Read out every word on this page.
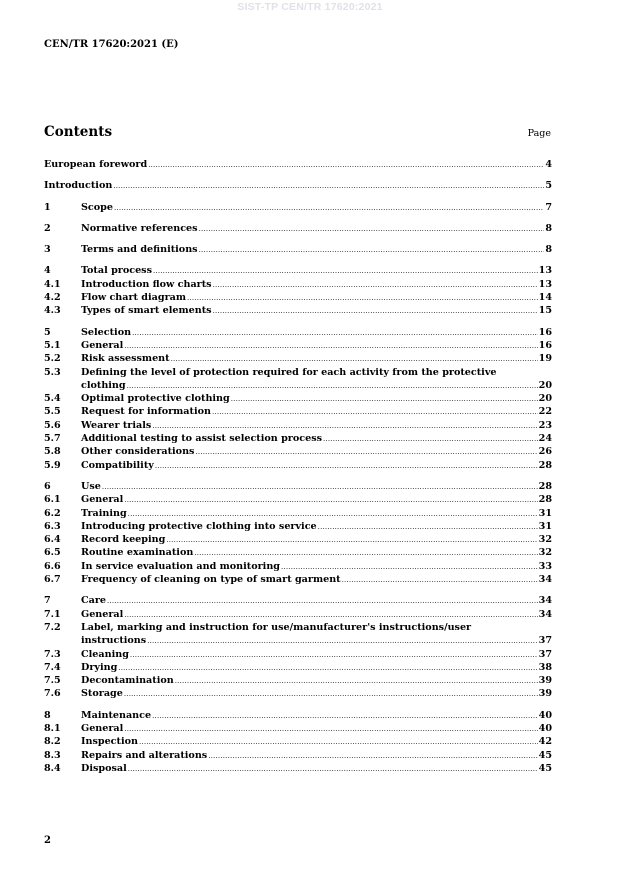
SIST-TP CEN/TR 17620:2021
CEN/TR 17620:2021 (E)
Contents	Page
European foreword .....	4
Introduction .....	5
1	Scope .....	7
2	Normative references .....	8
3	Terms and definitions .....	8
4	Total process .....	13
4.1	Introduction flow charts .....	13
4.2	Flow chart diagram .....	14
4.3	Types of smart elements .....	15
5	Selection .....	16
5.1	General .....	16
5.2	Risk assessment .....	19
5.3	Defining the level of protection required for each activity from the protective
clothing .....	20
5.4	Optimal protective clothing .....	20
5.5	Request for information .....	22
5.6	Wearer trials .....	23
5.7	Additional testing to assist selection process .....	24
5.8	Other considerations .....	26
5.9	Compatibility .....	28
6	Use .....	28
6.1	General .....	28
6.2	Training .....	31
6.3	Introducing protective clothing into service .....	31
6.4	Record keeping .....	32
6.5	Routine examination .....	32
6.6	In service evaluation and monitoring .....	33
6.7	Frequency of cleaning on type of smart garment .....	34
7	Care .....	34
7.1	General .....	34
7.2	Label, marking and instruction for use/manufacturer's instructions/user
instructions .....	37
7.3	Cleaning .....	37
7.4	Drying .....	38
7.5	Decontamination .....	39
7.6	Storage .....	39
8	Maintenance .....	40
8.1	General .....	40
8.2	Inspection .....	42
8.3	Repairs and alterations .....	45
8.4	Disposal .....	45
2
